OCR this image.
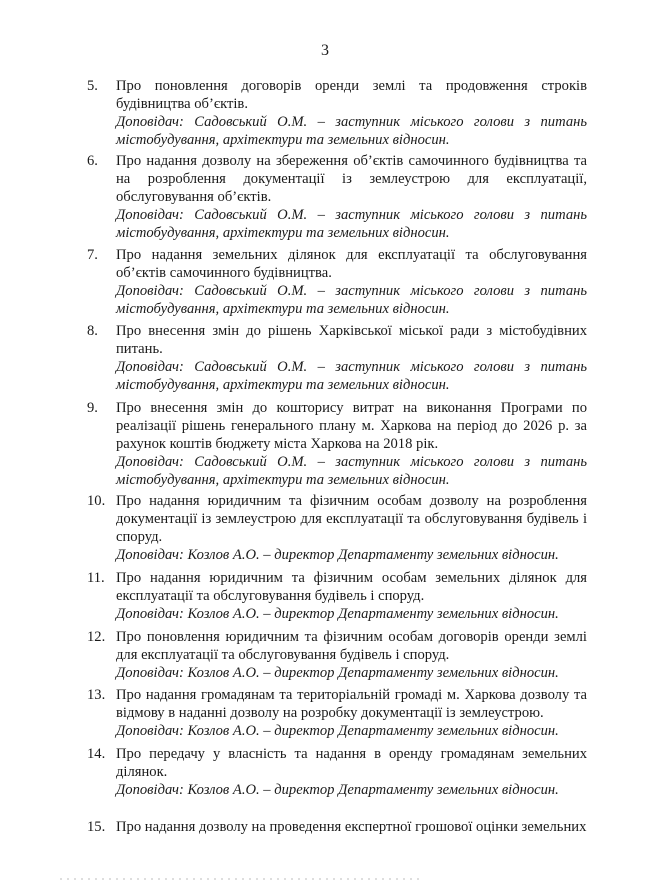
3
5.	Про поновлення договорів оренди землі та продовження строків будівництва об’єктів.
Доповідач: Садовський О.М. – заступник міського голови з питань містобудування, архітектури та земельних відносин.
6.	Про надання дозволу на збереження об’єктів самочинного будівництва та на розроблення документації із землеустрою для експлуатації, обслуговування об’єктів.
Доповідач: Садовський О.М. – заступник міського голови з питань містобудування, архітектури та земельних відносин.
7.	Про надання земельних ділянок для експлуатації та обслуговування об’єктів самочинного будівництва.
Доповідач: Садовський О.М. – заступник міського голови з питань містобудування, архітектури та земельних відносин.
8.	Про внесення змін до рішень Харківської міської ради з містобудівних питань.
Доповідач: Садовський О.М. – заступник міського голови з питань містобудування, архітектури та земельних відносин.
9.	Про внесення змін до кошторису витрат на виконання Програми по реалізації рішень генерального плану м. Харкова на період до 2026 р. за рахунок коштів бюджету міста Харкова на 2018 рік.
Доповідач: Садовський О.М. – заступник міського голови з питань містобудування, архітектури та земельних відносин.
10. Про надання юридичним та фізичним особам дозволу на розроблення документації із землеустрою для експлуатації та обслуговування будівель і споруд.
Доповідач: Козлов А.О. – директор Департаменту земельних відносин.
11. Про надання юридичним та фізичним особам земельних ділянок для експлуатації та обслуговування будівель і споруд.
Доповідач: Козлов А.О. – директор Департаменту земельних відносин.
12. Про поновлення юридичним та фізичним особам договорів оренди землі для експлуатації та обслуговування будівель і споруд.
Доповідач: Козлов А.О. – директор Департаменту земельних відносин.
13. Про надання громадянам та територіальній громаді м. Харкова дозволу та відмову в наданні дозволу на розробку документації із землеустрою.
Доповідач: Козлов А.О. – директор Департаменту земельних відносин.
14. Про передачу у власність та надання в оренду громадянам земельних ділянок.
Доповідач: Козлов А.О. – директор Департаменту земельних відносин.
15. Про надання дозволу на проведення експертної грошової оцінки земельних
